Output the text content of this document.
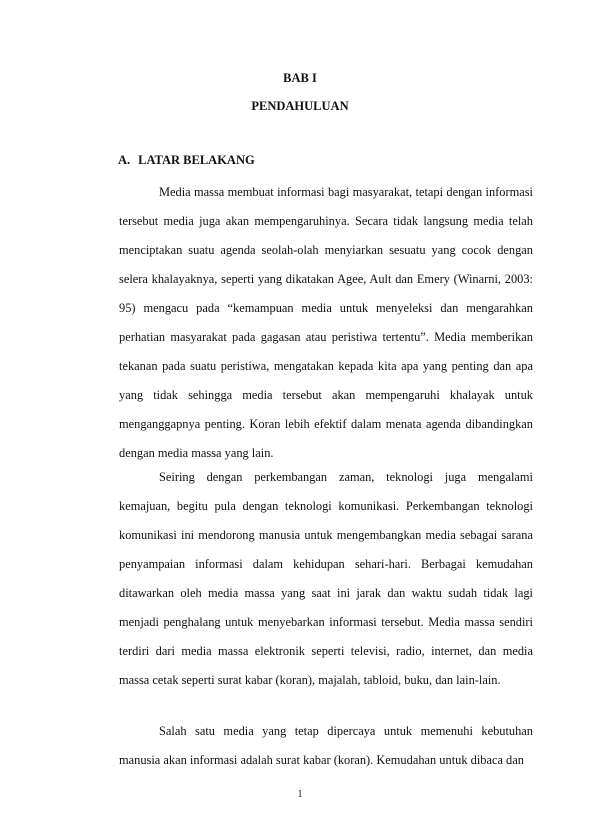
BAB I
PENDAHULUAN
A. LATAR BELAKANG

Media massa membuat informasi bagi masyarakat, tetapi dengan informasi tersebut media juga akan mempengaruhinya. Secara tidak langsung media telah menciptakan suatu agenda seolah-olah menyiarkan sesuatu yang cocok dengan selera khalayaknya, seperti yang dikatakan Agee, Ault dan Emery (Winarni, 2003: 95) mengacu pada “kemampuan media untuk menyeleksi dan mengarahkan perhatian masyarakat pada gagasan atau peristiwa tertentu”. Media memberikan tekanan pada suatu peristiwa, mengatakan kepada kita apa yang penting dan apa yang tidak sehingga media tersebut akan mempengaruhi khalayak untuk menganggapnya penting. Koran lebih efektif dalam menata agenda dibandingkan dengan media massa yang lain.

Seiring dengan perkembangan zaman, teknologi juga mengalami kemajuan, begitu pula dengan teknologi komunikasi. Perkembangan teknologi komunikasi ini mendorong manusia untuk mengembangkan media sebagai sarana penyampaian informasi dalam kehidupan sehari-hari. Berbagai kemudahan ditawarkan oleh media massa yang saat ini jarak dan waktu sudah tidak lagi menjadi penghalang untuk menyebarkan informasi tersebut. Media massa sendiri terdiri dari media massa elektronik seperti televisi, radio, internet, dan media massa cetak seperti surat kabar (koran), majalah, tabloid, buku, dan lain-lain.

Salah satu media yang tetap dipercaya untuk memenuhi kebutuhan manusia akan informasi adalah surat kabar (koran). Kemudahan untuk dibaca dan

1
